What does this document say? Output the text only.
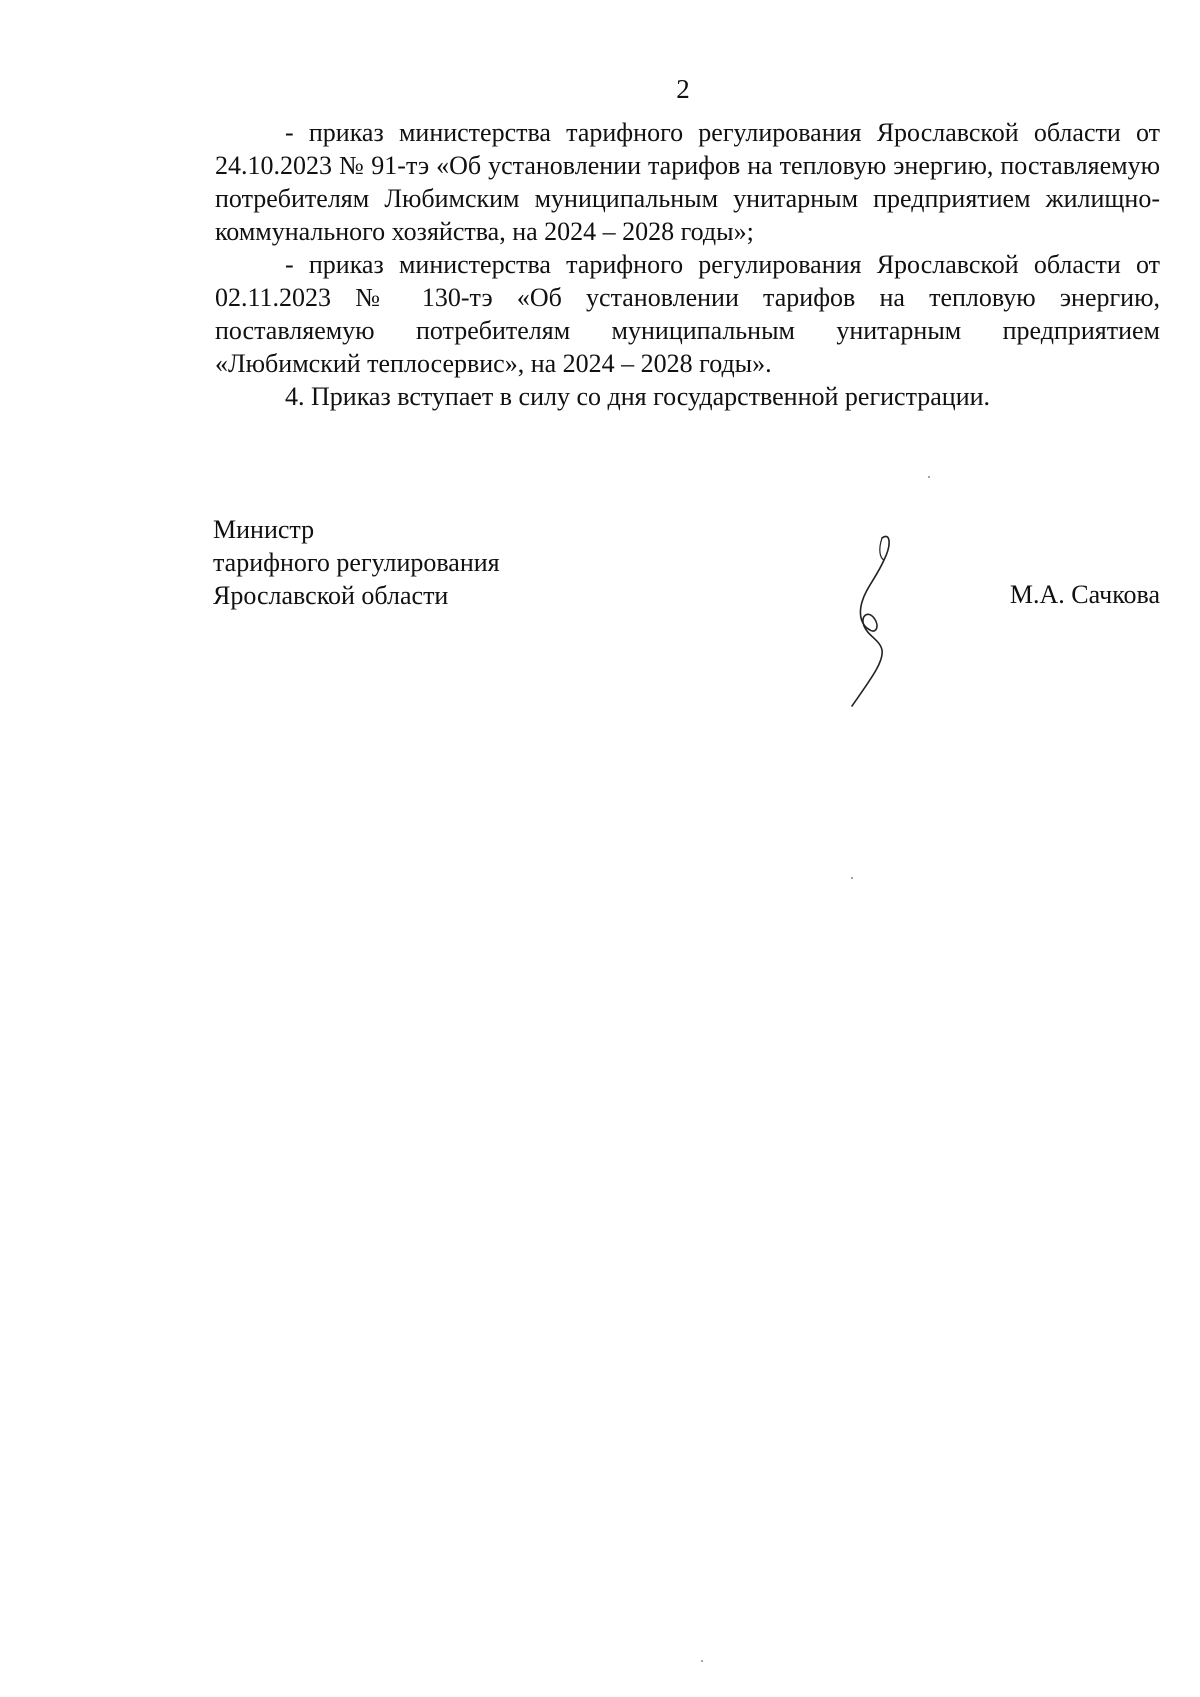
2

- приказ министерства тарифного регулирования Ярославской области от 24.10.2023 № 91-тэ «Об установлении тарифов на тепловую энергию, поставляемую потребителям Любимским муниципальным унитарным предприятием жилищно-коммунального хозяйства, на 2024 – 2028 годы»;

- приказ министерства тарифного регулирования Ярославской области от 02.11.2023 № 130-тэ «Об установлении тарифов на тепловую энергию, поставляемую потребителям муниципальным унитарным предприятием «Любимский теплосервис», на 2024 – 2028 годы».

4. Приказ вступает в силу со дня государственной регистрации.

Министр
тарифного регулирования
Ярославской области	М.А. Сачкова
